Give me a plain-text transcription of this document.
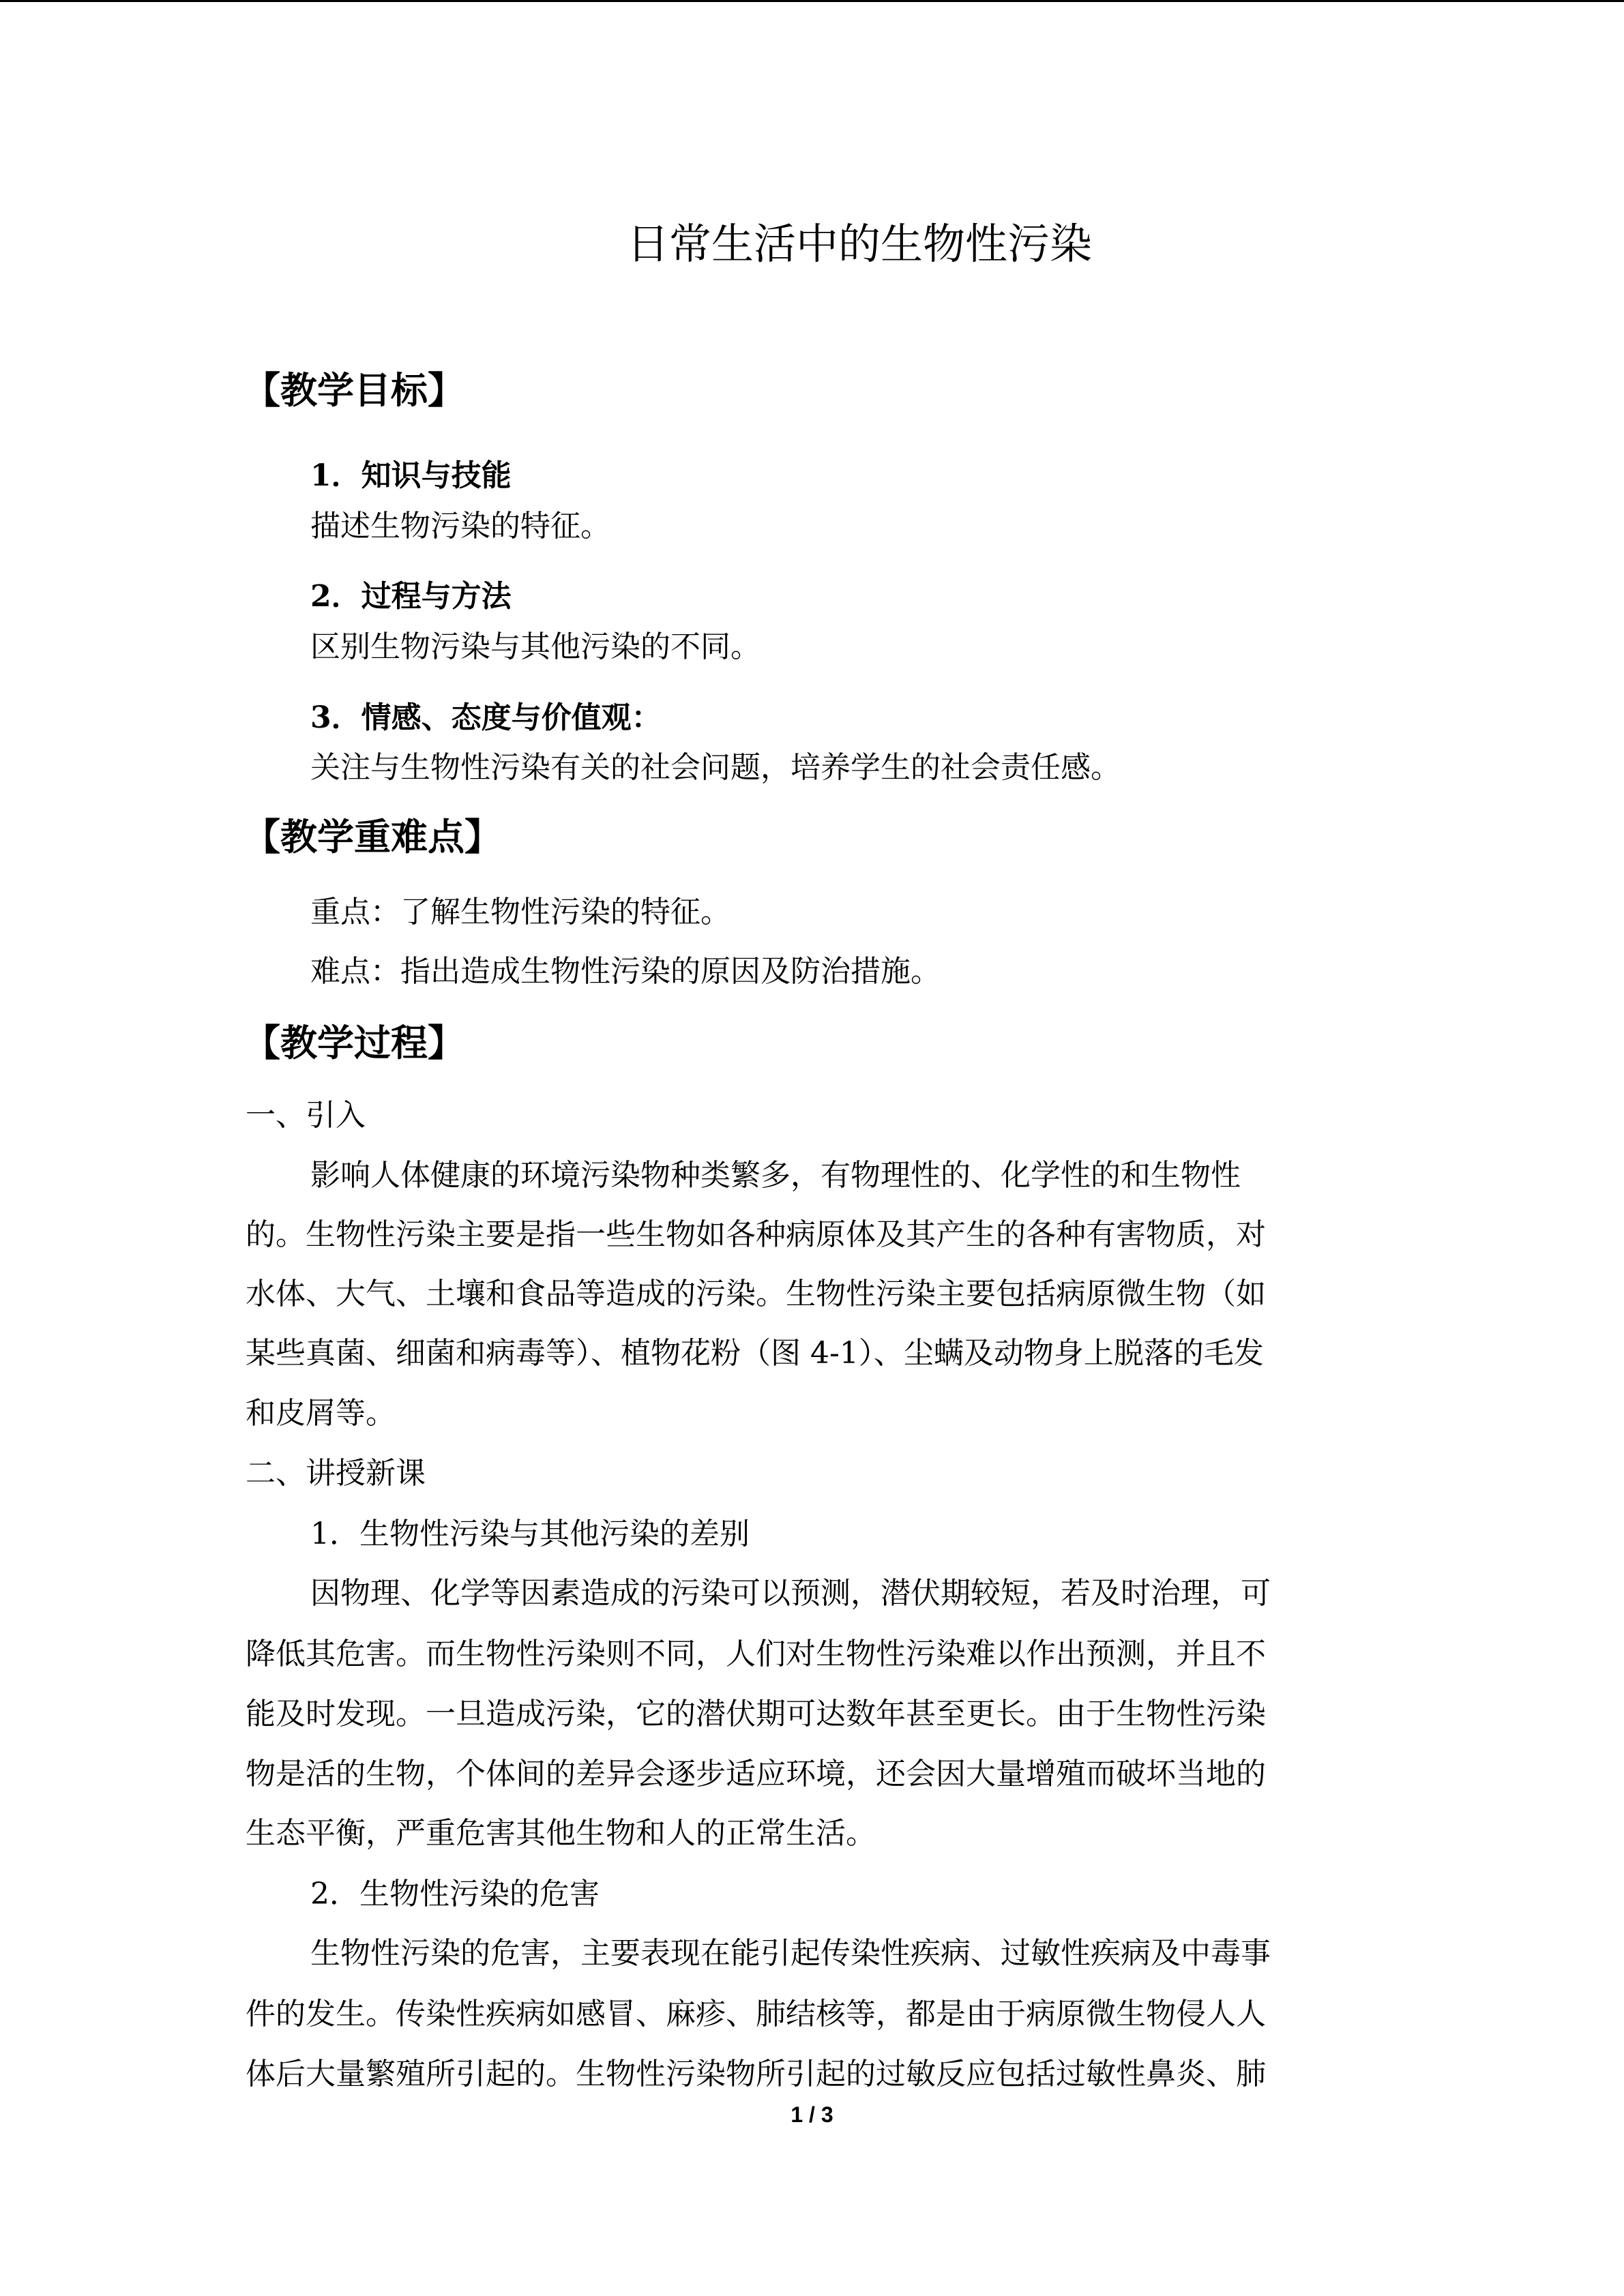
日常生活中的生物性污染
【教学目标】
1．知识与技能
描述生物污染的特征。
2．过程与方法
区别生物污染与其他污染的不同。
3．情感、态度与价值观：
关注与生物性污染有关的社会问题，培养学生的社会责任感。
【教学重难点】
重点：了解生物性污染的特征。
难点：指出造成生物性污染的原因及防治措施。
【教学过程】
一、引入
影响人体健康的环境污染物种类繁多，有物理性的、化学性的和生物性
的。生物性污染主要是指一些生物如各种病原体及其产生的各种有害物质，对
水体、大气、土壤和食品等造成的污染。生物性污染主要包括病原微生物（如
某些真菌、细菌和病毒等）、植物花粉（图 4-1）、尘螨及动物身上脱落的毛发
和皮屑等。
二、讲授新课
1．生物性污染与其他污染的差别
因物理、化学等因素造成的污染可以预测，潜伏期较短，若及时治理，可
降低其危害。而生物性污染则不同，人们对生物性污染难以作出预测，并且不
能及时发现。一旦造成污染，它的潜伏期可达数年甚至更长。由于生物性污染
物是活的生物，个体间的差异会逐步适应环境，还会因大量增殖而破坏当地的
生态平衡，严重危害其他生物和人的正常生活。
2．生物性污染的危害
生物性污染的危害，主要表现在能引起传染性疾病、过敏性疾病及中毒事
件的发生。传染性疾病如感冒、麻疹、肺结核等，都是由于病原微生物侵人人
体后大量繁殖所引起的。生物性污染物所引起的过敏反应包括过敏性鼻炎、肺
1 / 3
